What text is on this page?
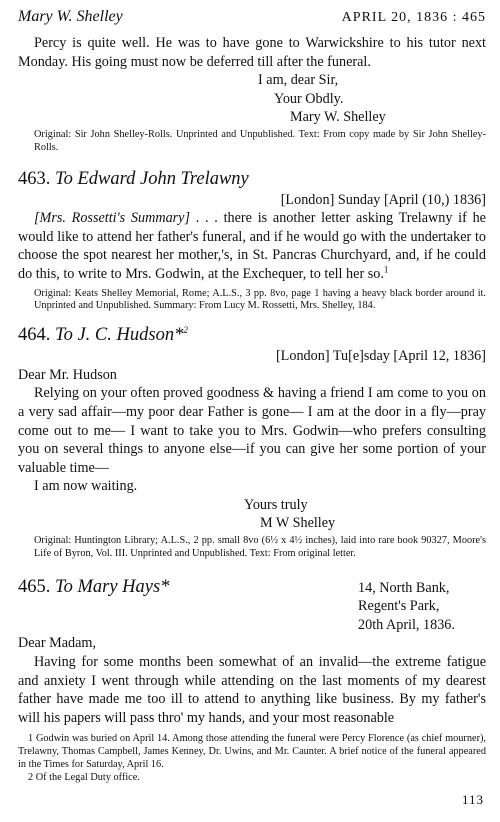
Mary W. Shelley	APRIL 20, 1836 : 465

Percy is quite well. He was to have gone to Warwickshire to his tutor next Monday. His going must now be deferred till after the funeral.

I am, dear Sir,
Your Obdly.
Mary W. Shelley

Original: Sir John Shelley-Rolls. Unprinted and Unpublished. Text: From copy made by Sir John Shelley-Rolls.

463. To Edward John Trelawny
[London] Sunday [April (10,) 1836]

[Mrs. Rossetti's Summary] . . . there is another letter asking Trelawny if he would like to attend her father's funeral, and if he would go with the undertaker to choose the spot nearest her mother,'s, in St. Pancras Churchyard, and, if he could do this, to write to Mrs. Godwin, at the Exchequer, to tell her so.$^1$

Original: Keats Shelley Memorial, Rome; A.L.S., 3 pp. 8vo, page 1 having a heavy black border around it. Unprinted and Unpublished. Summary: From Lucy M. Rossetti, Mrs. Shelley, 184.

464. To J. C. Hudson*$^2$
[London] Tu[e]sday [April 12, 1836]
Dear Mr. Hudson

Relying on your often proved goodness & having a friend I am come to you on a very sad affair—my poor dear Father is gone— I am at the door in a fly—pray come out to me— I want to take you to Mrs. Godwin—who prefers consulting you on several things to anyone else—if you can give her some portion of your valuable time—

I am now waiting.

Yours truly
M W Shelley

Original: Huntington Library; A.L.S., 2 pp. small 8vo (6½ x 4½ inches), laid into rare book 90327, Moore's Life of Byron, Vol. III. Unprinted and Unpublished. Text: From original letter.

465. To Mary Hays*	14, North Bank,
Regent's Park,
20th April, 1836.
Dear Madam,

Having for some months been somewhat of an invalid—the extreme fatigue and anxiety I went through while attending on the last moments of my dearest father have made me too ill to attend to anything like business. By my father's will his papers will pass thro' my hands, and your most reasonable

1 Godwin was buried on April 14. Among those attending the funeral were Percy Florence (as chief mourner), Trelawny, Thomas Campbell, James Kenney, Dr. Uwins, and Mr. Caunter. A brief notice of the funeral appeared in the Times for Saturday, April 16.

2 Of the Legal Duty office.

113
